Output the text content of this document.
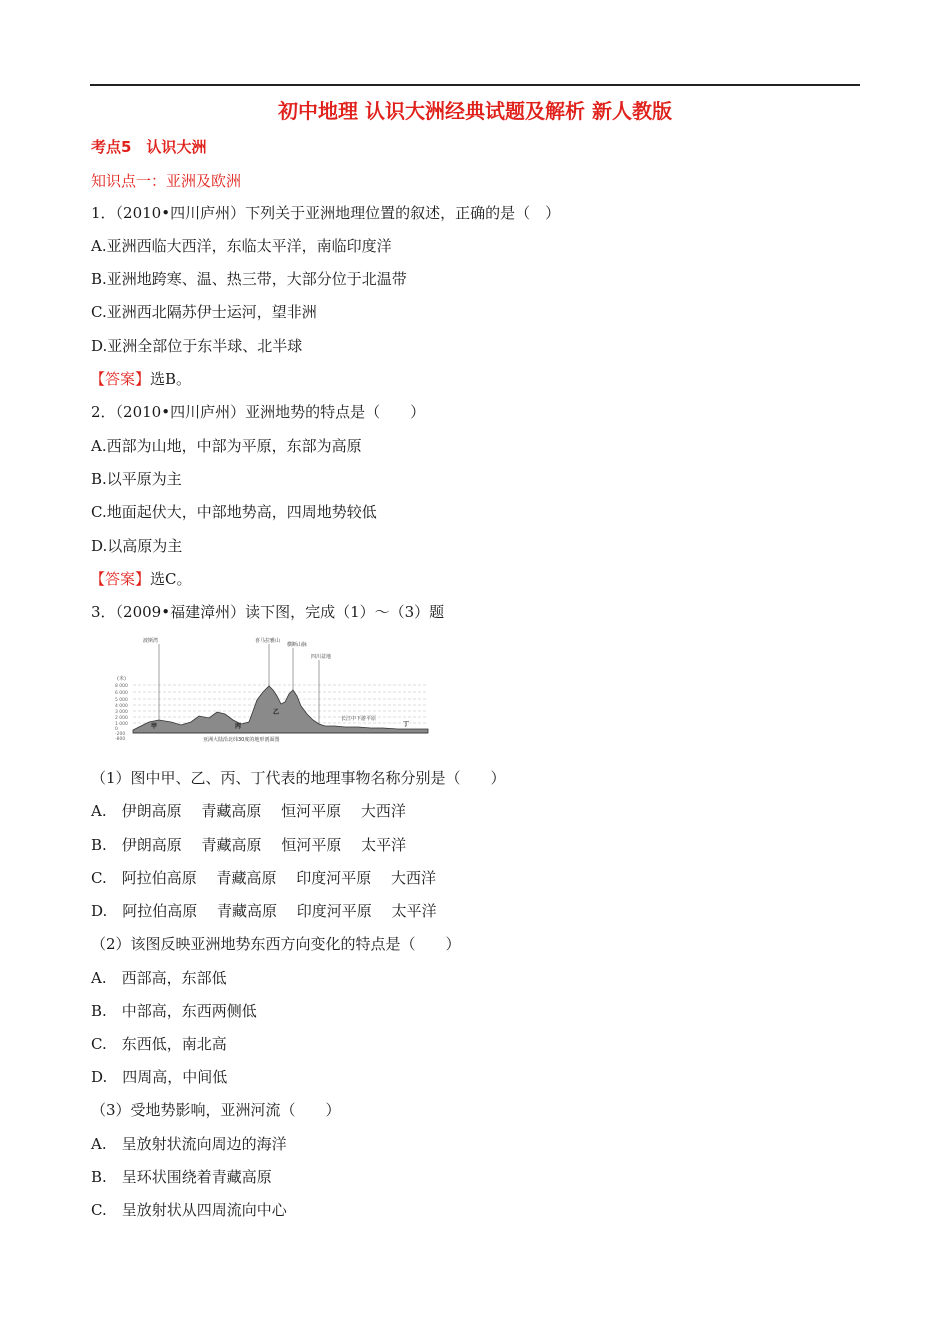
初中地理 认识大洲经典试题及解析 新人教版
考点5　认识大洲
知识点一：亚洲及欧洲
1．（2010•四川庐州）下列关于亚洲地理位置的叙述，正确的是（　）
A.亚洲西临大西洋，东临太平洋，南临印度洋
B.亚洲地跨寒、温、热三带，大部分位于北温带
C.亚洲西北隔苏伊士运河，望非洲
D.亚洲全部位于东半球、北半球
【答案】选B。
2．（2010•四川庐州）亚洲地势的特点是（　　）
A.西部为山地，中部为平原，东部为高原
B.以平原为主
C.地面起伏大，中部地势高，四周地势较低
D.以高原为主
【答案】选C。
3．（2009•福建漳州）读下图，完成（1）～（3）题
(米)
8 000
6 000
5 000
4 000
3 000
2 000
1 000
0
-200
-800
波斯湾	喜马拉雅山
横断山脉
四川盆地
长江中下游平原
甲
乙
丙	丁
亚洲大陆沿北纬30度的地形剖面图
（1）图中甲、乙、丙、丁代表的地理事物名称分别是（　　）
A.　伊朗高原　 青藏高原　 恒河平原　 大西洋
B.　伊朗高原　 青藏高原　 恒河平原　 太平洋
C.　阿拉伯高原　 青藏高原　 印度河平原　 大西洋
D.　阿拉伯高原　 青藏高原　 印度河平原　 太平洋
（2）该图反映亚洲地势东西方向变化的特点是（　　）
A.　西部高，东部低
B.　中部高，东西两侧低
C.　东西低，南北高
D.　四周高，中间低
（3）受地势影响，亚洲河流（　　）
A.　呈放射状流向周边的海洋
B.　呈环状围绕着青藏高原
C.　呈放射状从四周流向中心
